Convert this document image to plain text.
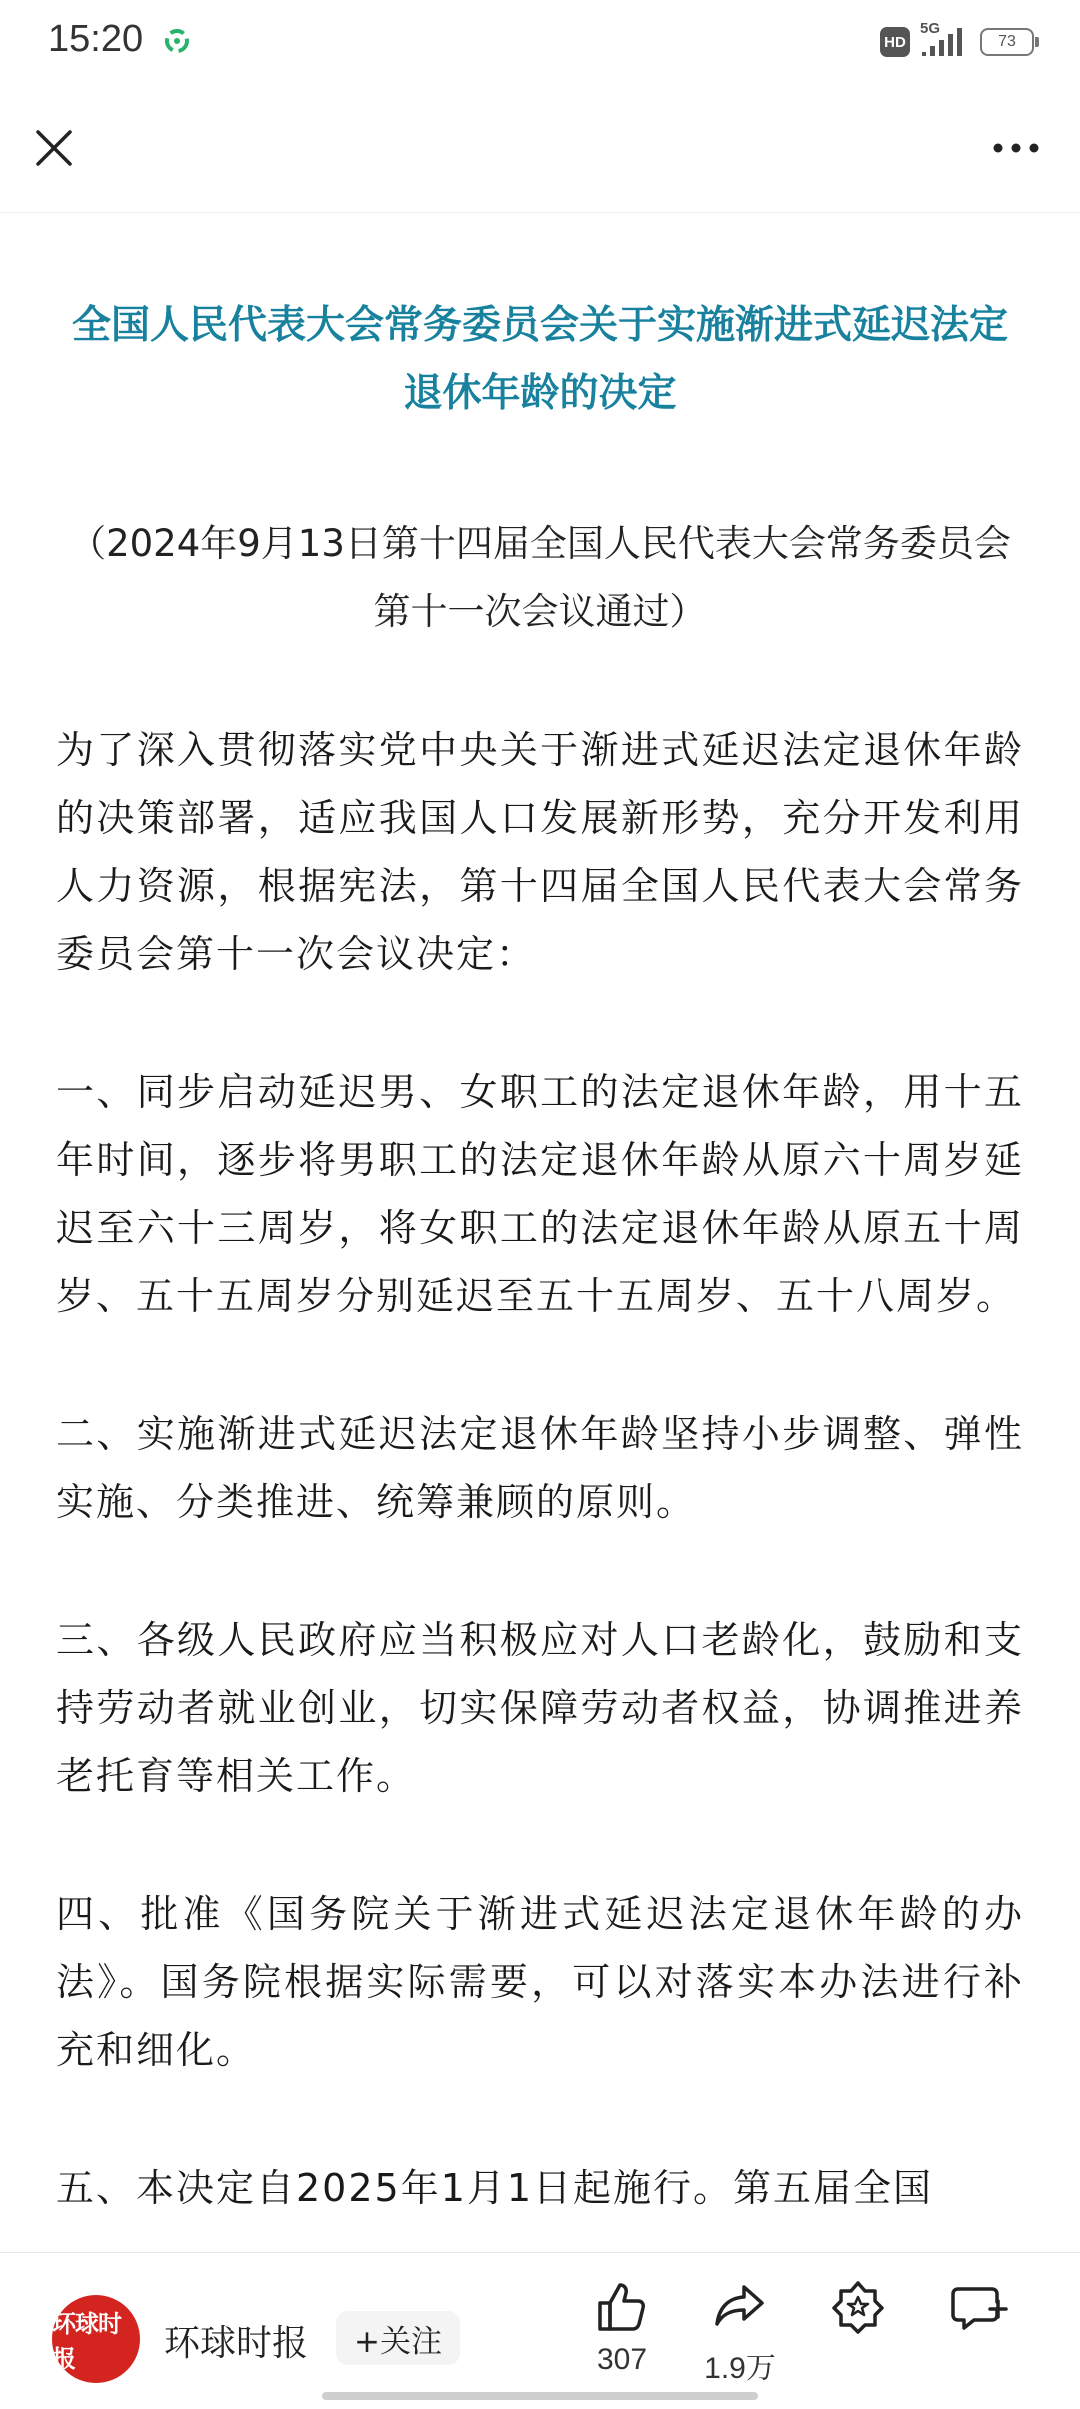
15:20	HD
5G
73
全国人民代表大会常务委员会关于实施渐进式延迟法定退休年龄的决定
（2024年9月13日第十四届全国人民代表大会常务委员会第十一次会议通过）

为了深入贯彻落实党中央关于渐进式延迟法定退休年龄的决策部署，适应我国人口发展新形势，充分开发利用人力资源，根据宪法，第十四届全国人民代表大会常务委员会第十一次会议决定：

一、同步启动延迟男、女职工的法定退休年龄，用十五年时间，逐步将男职工的法定退休年龄从原六十周岁延迟至六十三周岁，将女职工的法定退休年龄从原五十周岁、五十五周岁分别延迟至五十五周岁、五十八周岁。

二、实施渐进式延迟法定退休年龄坚持小步调整、弹性实施、分类推进、统筹兼顾的原则。

三、各级人民政府应当积极应对人口老龄化，鼓励和支持劳动者就业创业，切实保障劳动者权益，协调推进养老托育等相关工作。

四、批准《国务院关于渐进式延迟法定退休年龄的办法》。国务院根据实际需要，可以对落实本办法进行补充和细化。

五、本决定自2025年1月1日起施行。第五届全国

环球时报	环球时报	+关注	307	1.9万
